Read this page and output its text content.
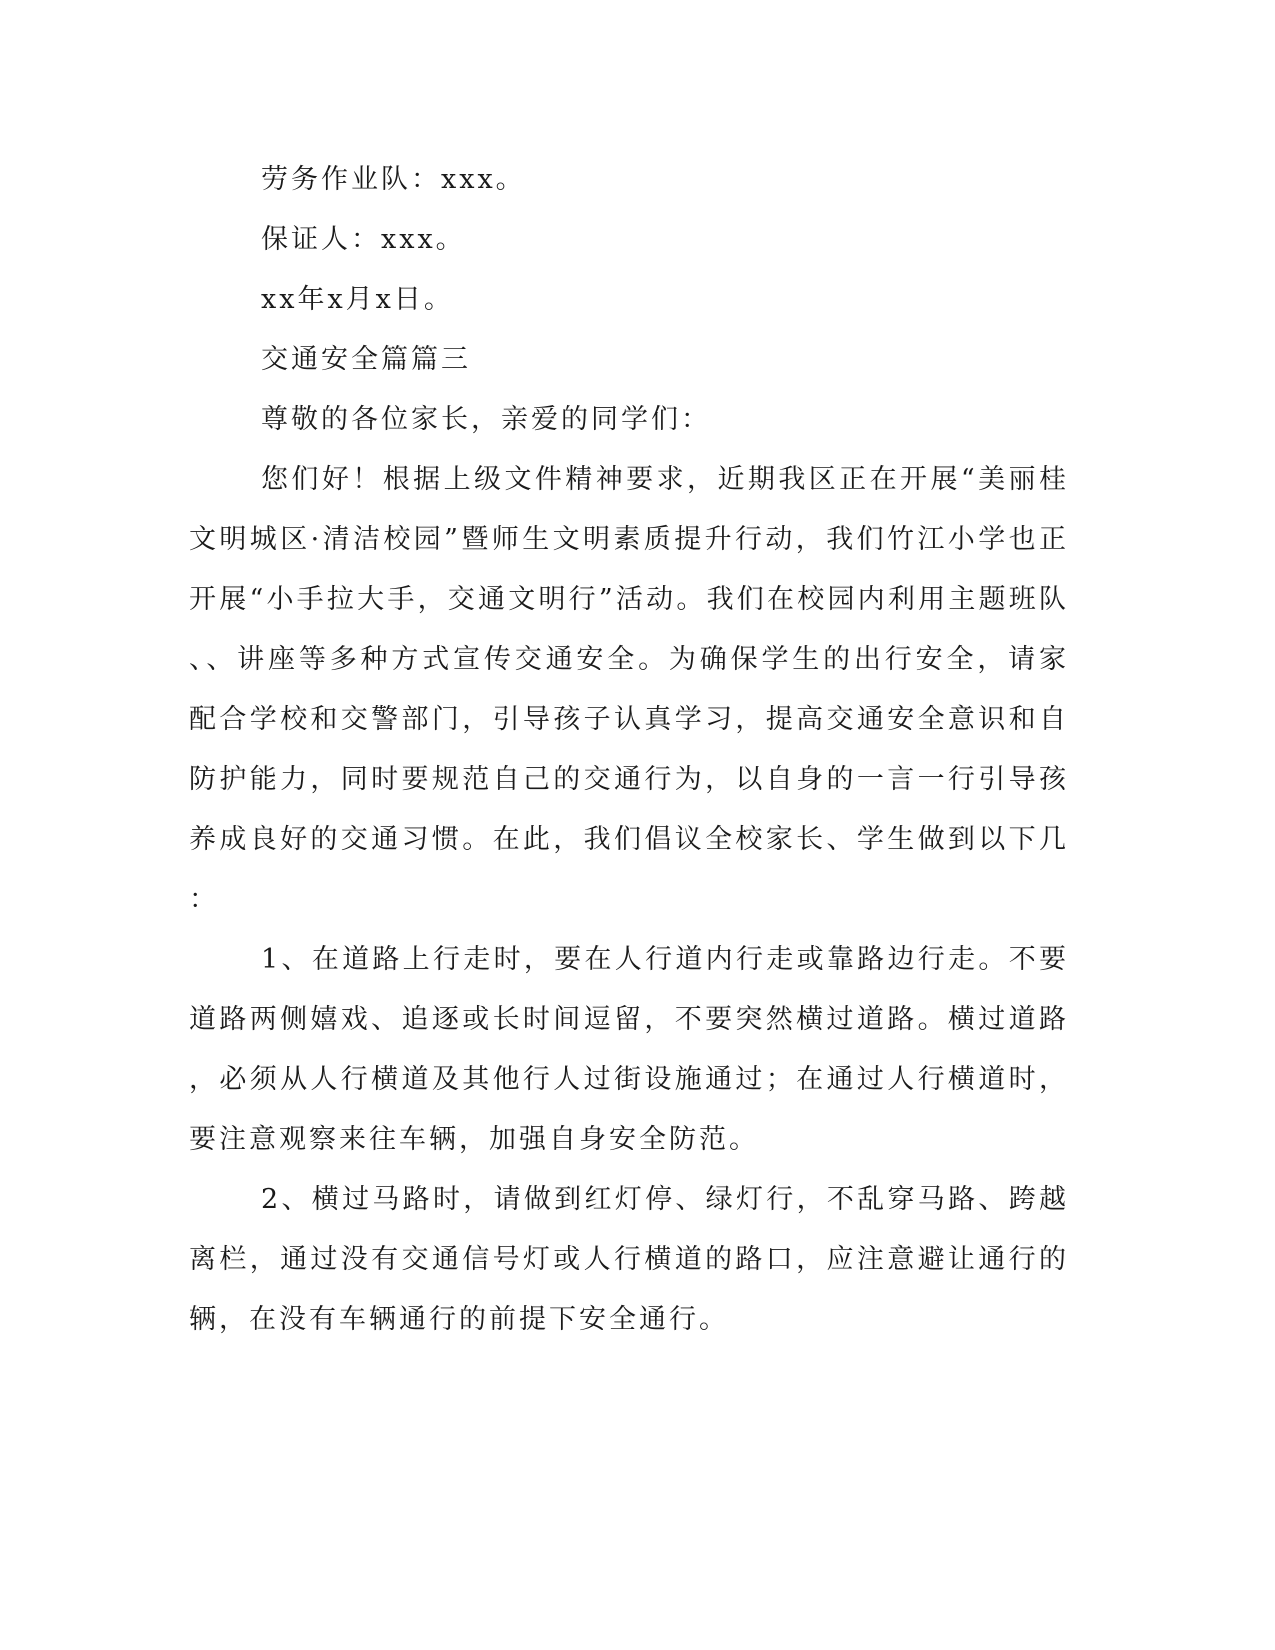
劳务作业队：xxx。

保证人：xxx。

xx年x月x日。

交通安全篇篇三

尊敬的各位家长，亲爱的同学们：

您们好！根据上级文件精神要求，近期我区正在开展“美丽桂

文明城区·清洁校园”暨师生文明素质提升行动，我们竹江小学也正

开展“小手拉大手，交通文明行”活动。我们在校园内利用主题班队

、、讲座等多种方式宣传交通安全。为确保学生的出行安全，请家

配合学校和交警部门，引导孩子认真学习，提高交通安全意识和自

防护能力，同时要规范自己的交通行为，以自身的一言一行引导孩

养成良好的交通习惯。在此，我们倡议全校家长、学生做到以下几

：

1、在道路上行走时，要在人行道内行走或靠路边行走。不要

道路两侧嬉戏、追逐或长时间逗留，不要突然横过道路。横过道路

，必须从人行横道及其他行人过街设施通过；在通过人行横道时，

要注意观察来往车辆，加强自身安全防范。

2、横过马路时，请做到红灯停、绿灯行，不乱穿马路、跨越

离栏，通过没有交通信号灯或人行横道的路口，应注意避让通行的

辆，在没有车辆通行的前提下安全通行。
